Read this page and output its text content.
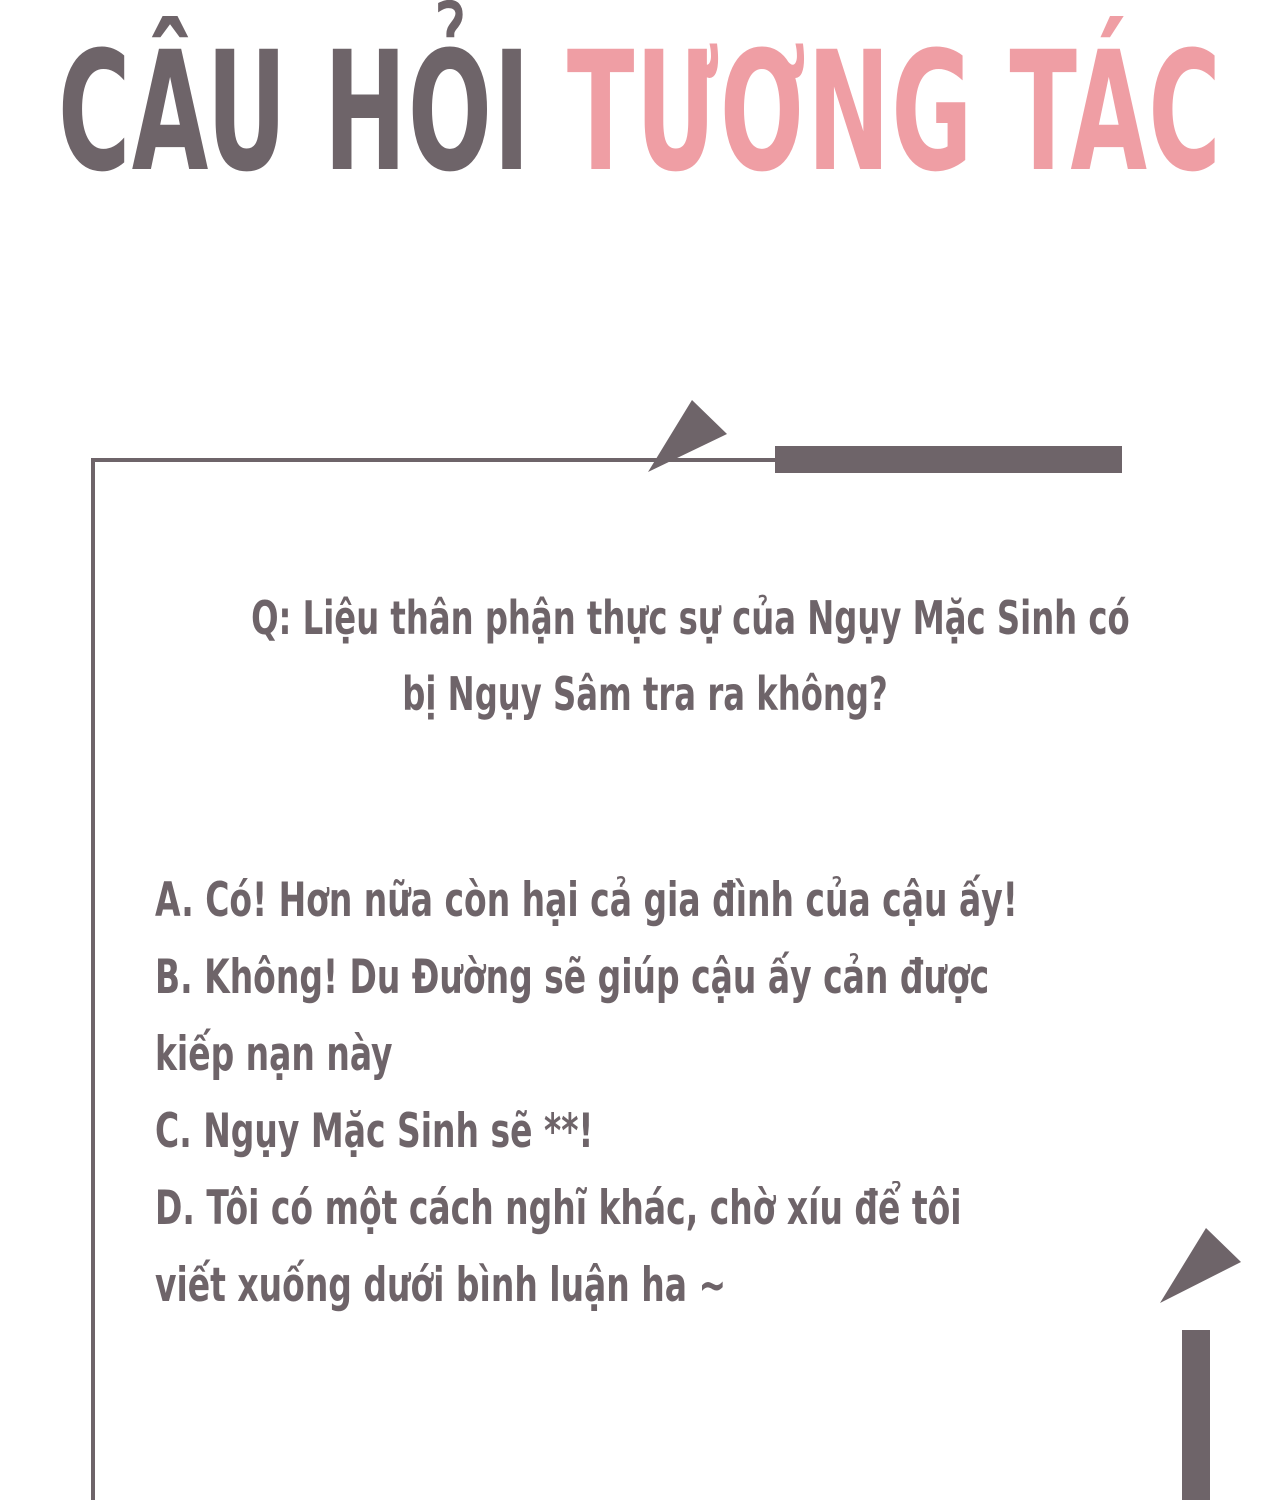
CÂU HỎI TƯƠNG TÁC
Q: Liệu thân phận thực sự của Ngụy Mặc Sinh có
bị Ngụy Sâm tra ra không?
A. Có! Hơn nữa còn hại cả gia đình của cậu ấy!
B. Không! Du Đường sẽ giúp cậu ấy cản được
kiếp nạn này
C. Ngụy Mặc Sinh sẽ **!
D. Tôi có một cách nghĩ khác, chờ xíu để tôi
viết xuống dưới bình luận ha ~
